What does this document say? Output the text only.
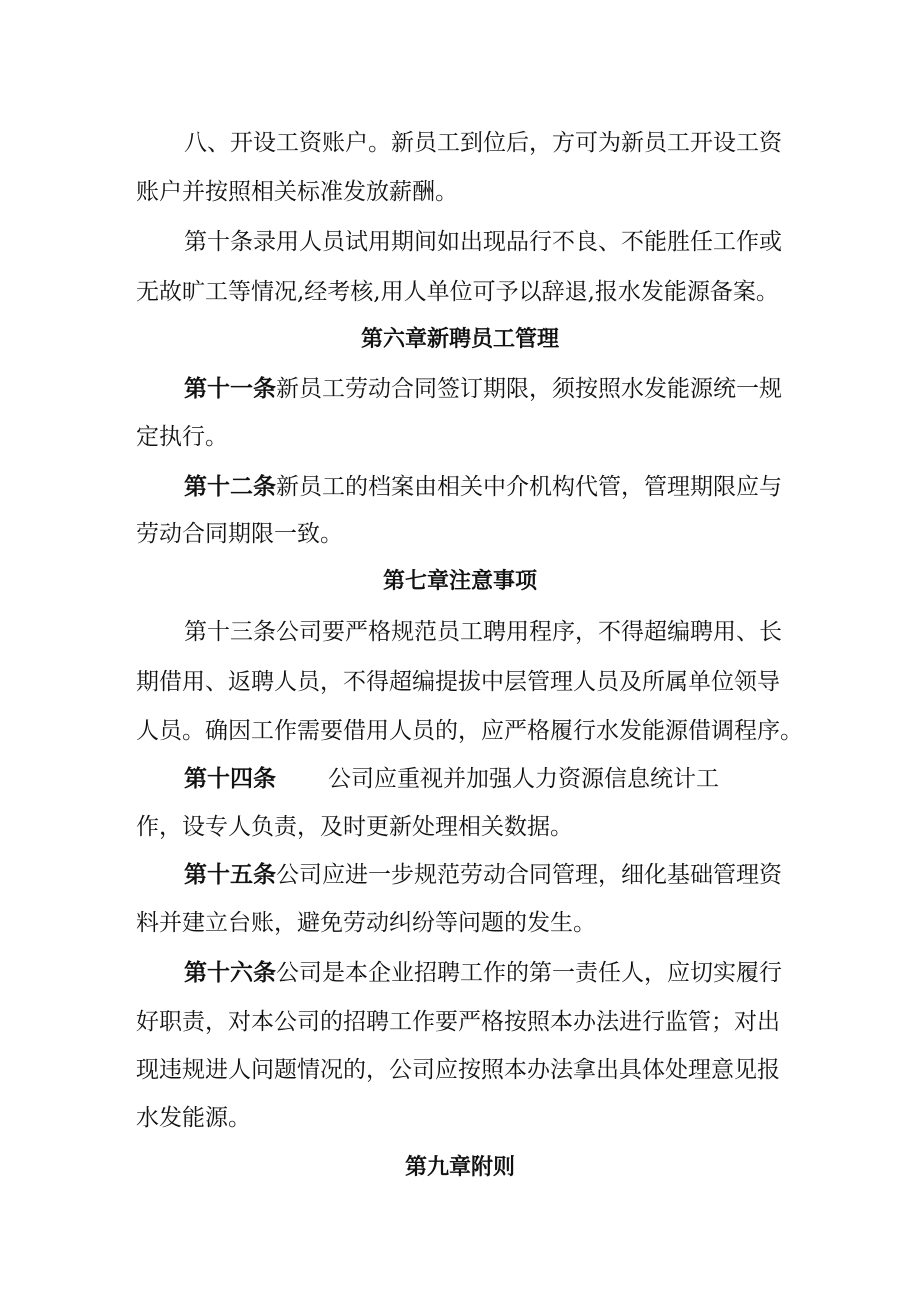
八、开设工资账户。新员工到位后，方可为新员工开设工资
账户并按照相关标准发放薪酬。
第十条录用人员试用期间如出现品行不良、不能胜任工作或
无故旷工等情况,经考核,用人单位可予以辞退,报水发能源备案。
第六章新聘员工管理
第十一条新员工劳动合同签订期限，须按照水发能源统一规
定执行。
第十二条新员工的档案由相关中介机构代管，管理期限应与
劳动合同期限一致。
第七章注意事项
第十三条公司要严格规范员工聘用程序，不得超编聘用、长
期借用、返聘人员，不得超编提拔中层管理人员及所属单位领导
人员。确因工作需要借用人员的，应严格履行水发能源借调程序。
第十四条 公司应重视并加强人力资源信息统计工
作，设专人负责，及时更新处理相关数据。
第十五条公司应进一步规范劳动合同管理，细化基础管理资
料并建立台账，避免劳动纠纷等问题的发生。
第十六条公司是本企业招聘工作的第一责任人，应切实履行
好职责，对本公司的招聘工作要严格按照本办法进行监管；对出
现违规进人问题情况的，公司应按照本办法拿出具体处理意见报
水发能源。
第九章附则
